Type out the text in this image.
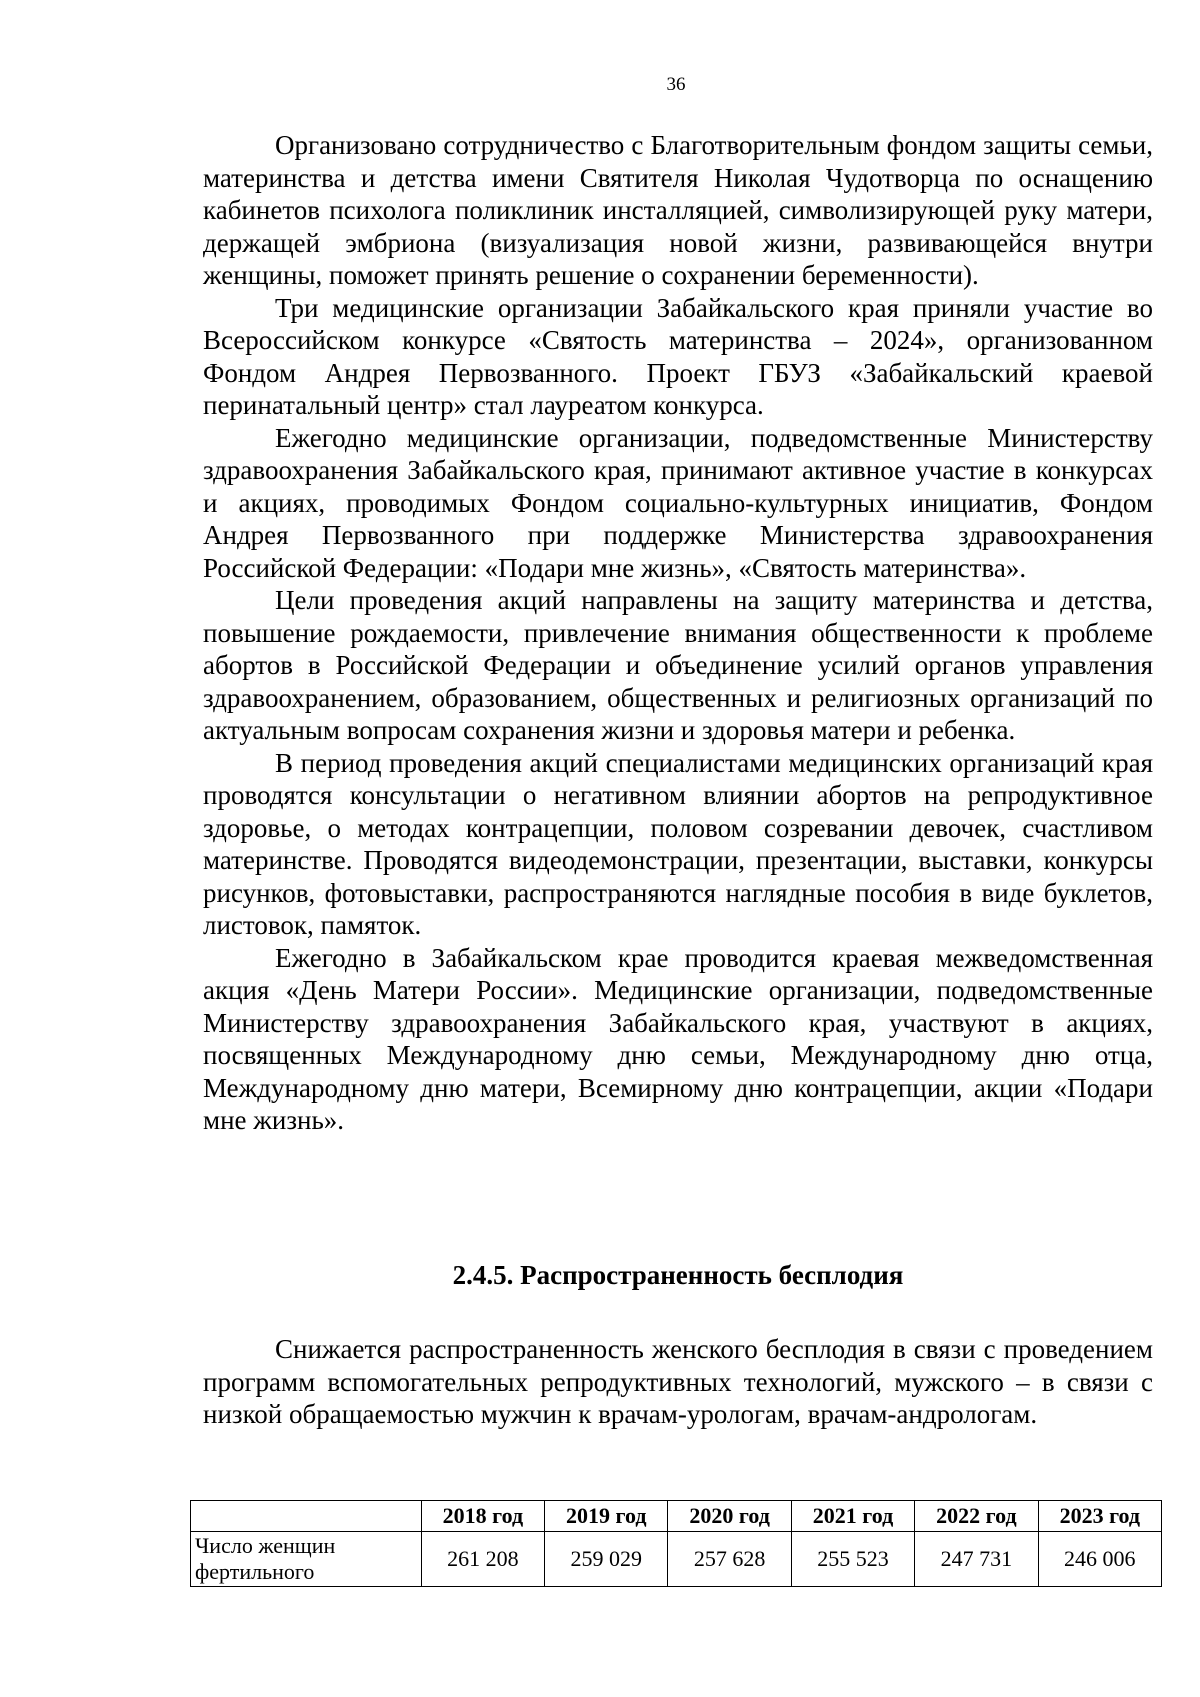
36

Организовано сотрудничество с Благотворительным фондом защиты семьи, материнства и детства имени Святителя Николая Чудотворца по оснащению кабинетов психолога поликлиник инсталляцией, символизирующей руку матери, держащей эмбриона (визуализация новой жизни, развивающейся внутри женщины, поможет принять решение о сохранении беременности).

Три медицинские организации Забайкальского края приняли участие во Всероссийском конкурсе «Святость материнства – 2024», организованном Фондом Андрея Первозванного. Проект ГБУЗ «Забайкальский краевой перинатальный центр» стал лауреатом конкурса.

Ежегодно медицинские организации, подведомственные Министерству здравоохранения Забайкальского края, принимают активное участие в конкурсах и акциях, проводимых Фондом социально-культурных инициатив, Фондом Андрея Первозванного при поддержке Министерства здравоохранения Российской Федерации: «Подари мне жизнь», «Святость материнства».

Цели проведения акций направлены на защиту материнства и детства, повышение рождаемости, привлечение внимания общественности к проблеме абортов в Российской Федерации и объединение усилий органов управления здравоохранением, образованием, общественных и религиозных организаций по актуальным вопросам сохранения жизни и здоровья матери и ребенка.

В период проведения акций специалистами медицинских организаций края проводятся консультации о негативном влиянии абортов на репродуктивное здоровье, о методах контрацепции, половом созревании девочек, счастливом материнстве. Проводятся видеодемонстрации, презентации, выставки, конкурсы рисунков, фотовыставки, распространяются наглядные пособия в виде буклетов, листовок, памяток.

Ежегодно в Забайкальском крае проводится краевая межведомственная акция «День Матери России». Медицинские организации, подведомственные Министерству здравоохранения Забайкальского края, участвуют в акциях, посвященных Международному дню семьи, Международному дню отца, Международному дню матери, Всемирному дню контрацепции, акции «Подари мне жизнь».

2.4.5. Распространенность бесплодия

Снижается распространенность женского бесплодия в связи с проведением программ вспомогательных репродуктивных технологий, мужского – в связи с низкой обращаемостью мужчин к врачам-урологам, врачам-андрологам.

	2018 год	2019 год	2020 год	2021 год	2022 год	2023 год
Число женщин фертильного	261 208	259 029	257 628	255 523	247 731	246 006
